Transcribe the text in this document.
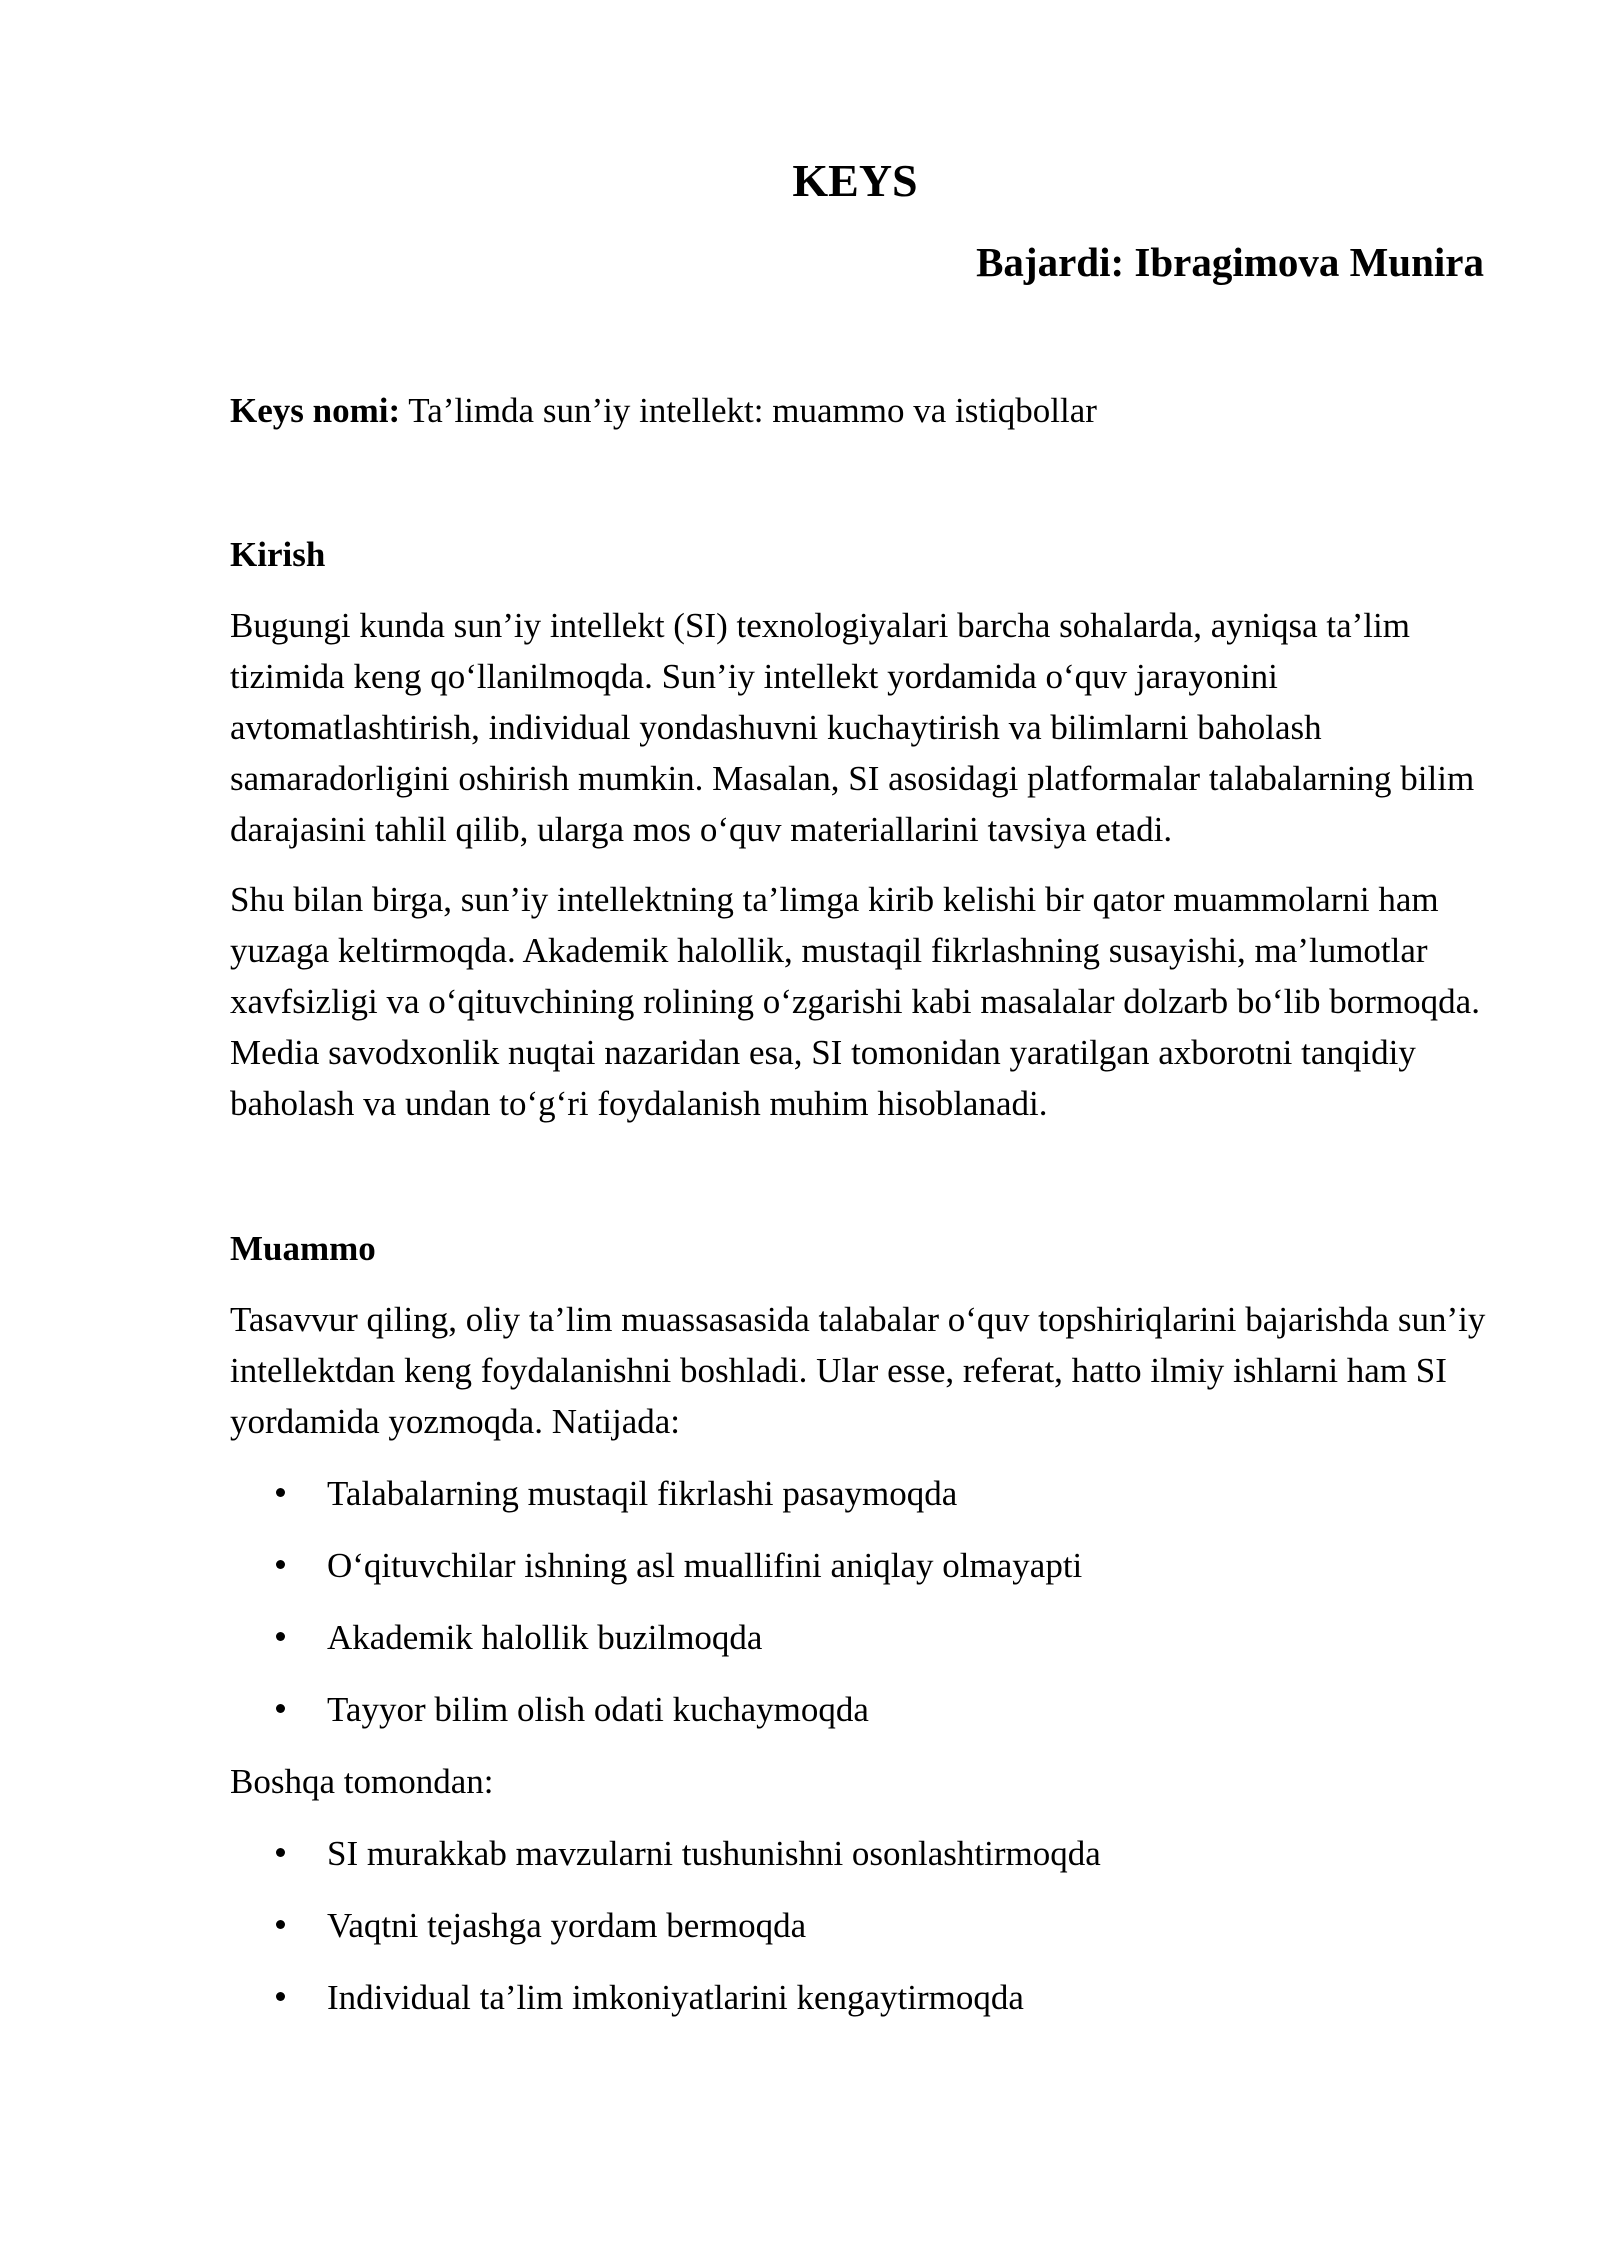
KEYS

Bajardi: Ibragimova Munira

Keys nomi: Ta’limda sun’iy intellekt: muammo va istiqbollar

Kirish

Bugungi kunda sun’iy intellekt (SI) texnologiyalari barcha sohalarda, ayniqsa ta’lim tizimida keng qo‘llanilmoqda. Sun’iy intellekt yordamida o‘quv jarayonini avtomatlashtirish, individual yondashuvni kuchaytirish va bilimlarni baholash samaradorligini oshirish mumkin. Masalan, SI asosidagi platformalar talabalarning bilim darajasini tahlil qilib, ularga mos o‘quv materiallarini tavsiya etadi.

Shu bilan birga, sun’iy intellektning ta’limga kirib kelishi bir qator muammolarni ham yuzaga keltirmoqda. Akademik halollik, mustaqil fikrlashning susayishi, ma’lumotlar xavfsizligi va o‘qituvchining rolining o‘zgarishi kabi masalalar dolzarb bo‘lib bormoqda. Media savodxonlik nuqtai nazaridan esa, SI tomonidan yaratilgan axborotni tanqidiy baholash va undan to‘g‘ri foydalanish muhim hisoblanadi.

Muammo

Tasavvur qiling, oliy ta’lim muassasasida talabalar o‘quv topshiriqlarini bajarishda sun’iy intellektdan keng foydalanishni boshladi. Ular esse, referat, hatto ilmiy ishlarni ham SI yordamida yozmoqda. Natijada:

Talabalarning mustaqil fikrlashi pasaymoqda
O‘qituvchilar ishning asl muallifini aniqlay olmayapti
Akademik halollik buzilmoqda
Tayyor bilim olish odati kuchaymoqda

Boshqa tomondan:

SI murakkab mavzularni tushunishni osonlashtirmoqda
Vaqtni tejashga yordam bermoqda
Individual ta’lim imkoniyatlarini kengaytirmoqda
